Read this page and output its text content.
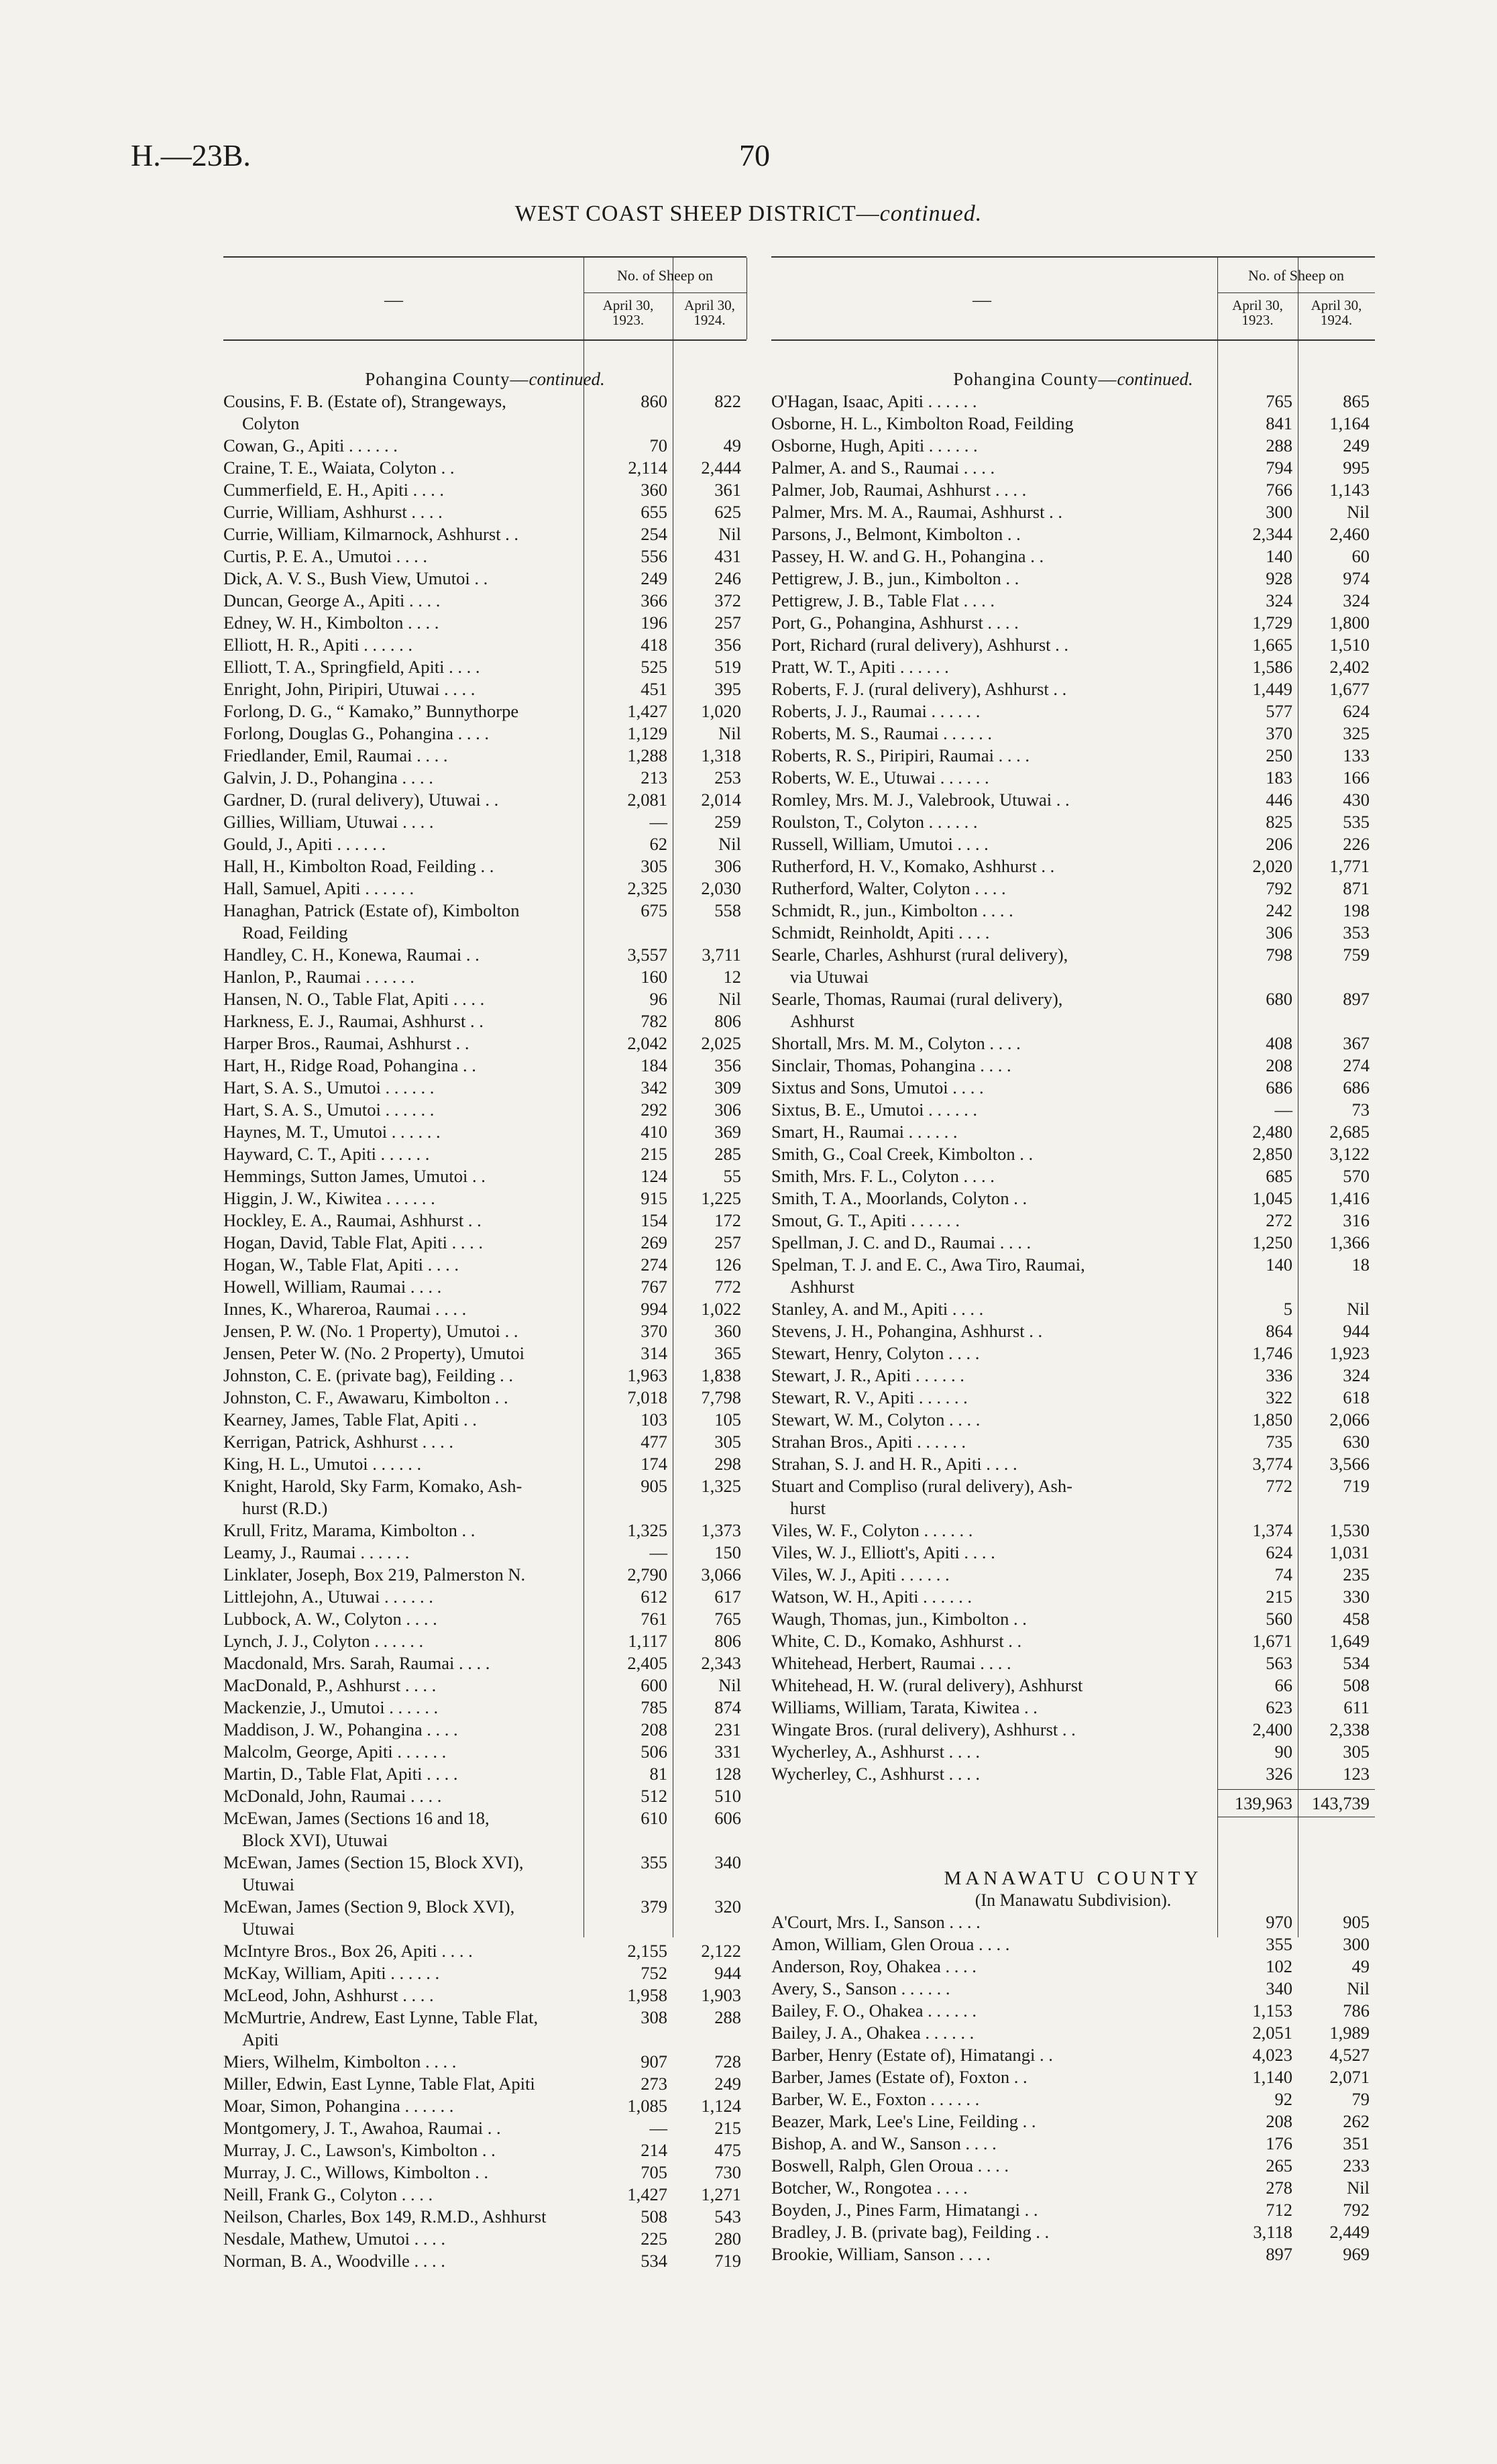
H.—23B.	70
WEST COAST SHEEP DISTRICT—continued.
—
No. of Sheep on
April 30,
1923.
April 30,
1924.
Pohangina County—continued.
Cousins, F. B. (Estate of), Strangeways,
Colyton
860	822
Cowan, G., Apiti . . . . . .	70	49
Craine, T. E., Waiata, Colyton . .	2,114	2,444
Cummerfield, E. H., Apiti . . . .	360	361
Currie, William, Ashhurst . . . .	655	625
Currie, William, Kilmarnock, Ashhurst . .	254	Nil
Curtis, P. E. A., Umutoi . . . .	556	431
Dick, A. V. S., Bush View, Umutoi . .	249	246
Duncan, George A., Apiti . . . .	366	372
Edney, W. H., Kimbolton . . . .	196	257
Elliott, H. R., Apiti . . . . . .	418	356
Elliott, T. A., Springfield, Apiti . . . .	525	519
Enright, John, Piripiri, Utuwai . . . .	451	395
Forlong, D. G., “ Kamako,” Bunnythorpe	1,427	1,020
Forlong, Douglas G., Pohangina . . . .	1,129	Nil
Friedlander, Emil, Raumai . . . .	1,288	1,318
Galvin, J. D., Pohangina . . . .	213	253
Gardner, D. (rural delivery), Utuwai . .	2,081	2,014
Gillies, William, Utuwai . . . .	—	259
Gould, J., Apiti . . . . . .	62	Nil
Hall, H., Kimbolton Road, Feilding . .	305	306
Hall, Samuel, Apiti . . . . . .	2,325	2,030
Hanaghan, Patrick (Estate of), Kimbolton
Road, Feilding
675	558
Handley, C. H., Konewa, Raumai . .	3,557	3,711
Hanlon, P., Raumai . . . . . .	160	12
Hansen, N. O., Table Flat, Apiti . . . .	96	Nil
Harkness, E. J., Raumai, Ashhurst . .	782	806
Harper Bros., Raumai, Ashhurst . .	2,042	2,025
Hart, H., Ridge Road, Pohangina . .	184	356
Hart, S. A. S., Umutoi . . . . . .	342	309
Hart, S. A. S., Umutoi . . . . . .	292	306
Haynes, M. T., Umutoi . . . . . .	410	369
Hayward, C. T., Apiti . . . . . .	215	285
Hemmings, Sutton James, Umutoi . .	124	55
Higgin, J. W., Kiwitea . . . . . .	915	1,225
Hockley, E. A., Raumai, Ashhurst . .	154	172
Hogan, David, Table Flat, Apiti . . . .	269	257
Hogan, W., Table Flat, Apiti . . . .	274	126
Howell, William, Raumai . . . .	767	772
Innes, K., Whareroa, Raumai . . . .	994	1,022
Jensen, P. W. (No. 1 Property), Umutoi . .	370	360
Jensen, Peter W. (No. 2 Property), Umutoi	314	365
Johnston, C. E. (private bag), Feilding . .	1,963	1,838
Johnston, C. F., Awawaru, Kimbolton . .	7,018	7,798
Kearney, James, Table Flat, Apiti . .	103	105
Kerrigan, Patrick, Ashhurst . . . .	477	305
King, H. L., Umutoi . . . . . .	174	298
Knight, Harold, Sky Farm, Komako, Ash-
hurst (R.D.)
905	1,325
Krull, Fritz, Marama, Kimbolton . .	1,325	1,373
Leamy, J., Raumai . . . . . .	—	150
Linklater, Joseph, Box 219, Palmerston N.	2,790	3,066
Littlejohn, A., Utuwai . . . . . .	612	617
Lubbock, A. W., Colyton . . . .	761	765
Lynch, J. J., Colyton . . . . . .	1,117	806
Macdonald, Mrs. Sarah, Raumai . . . .	2,405	2,343
MacDonald, P., Ashhurst . . . .	600	Nil
Mackenzie, J., Umutoi . . . . . .	785	874
Maddison, J. W., Pohangina . . . .	208	231
Malcolm, George, Apiti . . . . . .	506	331
Martin, D., Table Flat, Apiti . . . .	81	128
McDonald, John, Raumai . . . .	512	510
McEwan, James (Sections 16 and 18,
Block XVI), Utuwai
610	606
McEwan, James (Section 15, Block XVI),
Utuwai
355	340
McEwan, James (Section 9, Block XVI),
Utuwai
379	320
McIntyre Bros., Box 26, Apiti . . . .	2,155	2,122
McKay, William, Apiti . . . . . .	752	944
McLeod, John, Ashhurst . . . .	1,958	1,903
McMurtrie, Andrew, East Lynne, Table Flat,
Apiti
308	288
Miers, Wilhelm, Kimbolton . . . .	907	728
Miller, Edwin, East Lynne, Table Flat, Apiti	273	249
Moar, Simon, Pohangina . . . . . .	1,085	1,124
Montgomery, J. T., Awahoa, Raumai . .	—	215
Murray, J. C., Lawson's, Kimbolton . .	214	475
Murray, J. C., Willows, Kimbolton . .	705	730
Neill, Frank G., Colyton . . . .	1,427	1,271
Neilson, Charles, Box 149, R.M.D., Ashhurst	508	543
Nesdale, Mathew, Umutoi . . . .	225	280
Norman, B. A., Woodville . . . .	534	719
—
No. of Sheep on
April 30,
1923.
April 30,
1924.
Pohangina County—continued.
O'Hagan, Isaac, Apiti . . . . . .	765	865
Osborne, H. L., Kimbolton Road, Feilding	841	1,164
Osborne, Hugh, Apiti . . . . . .	288	249
Palmer, A. and S., Raumai . . . .	794	995
Palmer, Job, Raumai, Ashhurst . . . .	766	1,143
Palmer, Mrs. M. A., Raumai, Ashhurst . .	300	Nil
Parsons, J., Belmont, Kimbolton . .	2,344	2,460
Passey, H. W. and G. H., Pohangina . .	140	60
Pettigrew, J. B., jun., Kimbolton . .	928	974
Pettigrew, J. B., Table Flat . . . .	324	324
Port, G., Pohangina, Ashhurst . . . .	1,729	1,800
Port, Richard (rural delivery), Ashhurst . .	1,665	1,510
Pratt, W. T., Apiti . . . . . .	1,586	2,402
Roberts, F. J. (rural delivery), Ashhurst . .	1,449	1,677
Roberts, J. J., Raumai . . . . . .	577	624
Roberts, M. S., Raumai . . . . . .	370	325
Roberts, R. S., Piripiri, Raumai . . . .	250	133
Roberts, W. E., Utuwai . . . . . .	183	166
Romley, Mrs. M. J., Valebrook, Utuwai . .	446	430
Roulston, T., Colyton . . . . . .	825	535
Russell, William, Umutoi . . . .	206	226
Rutherford, H. V., Komako, Ashhurst . .	2,020	1,771
Rutherford, Walter, Colyton . . . .	792	871
Schmidt, R., jun., Kimbolton . . . .	242	198
Schmidt, Reinholdt, Apiti . . . .	306	353
Searle, Charles, Ashhurst (rural delivery),
via Utuwai
798	759
Searle, Thomas, Raumai (rural delivery),
Ashhurst
680	897
Shortall, Mrs. M. M., Colyton . . . .	408	367
Sinclair, Thomas, Pohangina . . . .	208	274
Sixtus and Sons, Umutoi . . . .	686	686
Sixtus, B. E., Umutoi . . . . . .	—	73
Smart, H., Raumai . . . . . .	2,480	2,685
Smith, G., Coal Creek, Kimbolton . .	2,850	3,122
Smith, Mrs. F. L., Colyton . . . .	685	570
Smith, T. A., Moorlands, Colyton . .	1,045	1,416
Smout, G. T., Apiti . . . . . .	272	316
Spellman, J. C. and D., Raumai . . . .	1,250	1,366
Spelman, T. J. and E. C., Awa Tiro, Raumai,
Ashhurst
140	18
Stanley, A. and M., Apiti . . . .	5	Nil
Stevens, J. H., Pohangina, Ashhurst . .	864	944
Stewart, Henry, Colyton . . . .	1,746	1,923
Stewart, J. R., Apiti . . . . . .	336	324
Stewart, R. V., Apiti . . . . . .	322	618
Stewart, W. M., Colyton . . . .	1,850	2,066
Strahan Bros., Apiti . . . . . .	735	630
Strahan, S. J. and H. R., Apiti . . . .	3,774	3,566
Stuart and Compliso (rural delivery), Ash-
hurst
772	719
Viles, W. F., Colyton . . . . . .	1,374	1,530
Viles, W. J., Elliott's, Apiti . . . .	624	1,031
Viles, W. J., Apiti . . . . . .	74	235
Watson, W. H., Apiti . . . . . .	215	330
Waugh, Thomas, jun., Kimbolton . .	560	458
White, C. D., Komako, Ashhurst . .	1,671	1,649
Whitehead, Herbert, Raumai . . . .	563	534
Whitehead, H. W. (rural delivery), Ashhurst	66	508
Williams, William, Tarata, Kiwitea . .	623	611
Wingate Bros. (rural delivery), Ashhurst . .	2,400	2,338
Wycherley, A., Ashhurst . . . .	90	305
Wycherley, C., Ashhurst . . . .	326	123
139,963	143,739
MANAWATU COUNTY
(In Manawatu Subdivision).
A'Court, Mrs. I., Sanson . . . .	970	905
Amon, William, Glen Oroua . . . .	355	300
Anderson, Roy, Ohakea . . . .	102	49
Avery, S., Sanson . . . . . .	340	Nil
Bailey, F. O., Ohakea . . . . . .	1,153	786
Bailey, J. A., Ohakea . . . . . .	2,051	1,989
Barber, Henry (Estate of), Himatangi . .	4,023	4,527
Barber, James (Estate of), Foxton . .	1,140	2,071
Barber, W. E., Foxton . . . . . .	92	79
Beazer, Mark, Lee's Line, Feilding . .	208	262
Bishop, A. and W., Sanson . . . .	176	351
Boswell, Ralph, Glen Oroua . . . .	265	233
Botcher, W., Rongotea . . . .	278	Nil
Boyden, J., Pines Farm, Himatangi . .	712	792
Bradley, J. B. (private bag), Feilding . .	3,118	2,449
Brookie, William, Sanson . . . .	897	969
